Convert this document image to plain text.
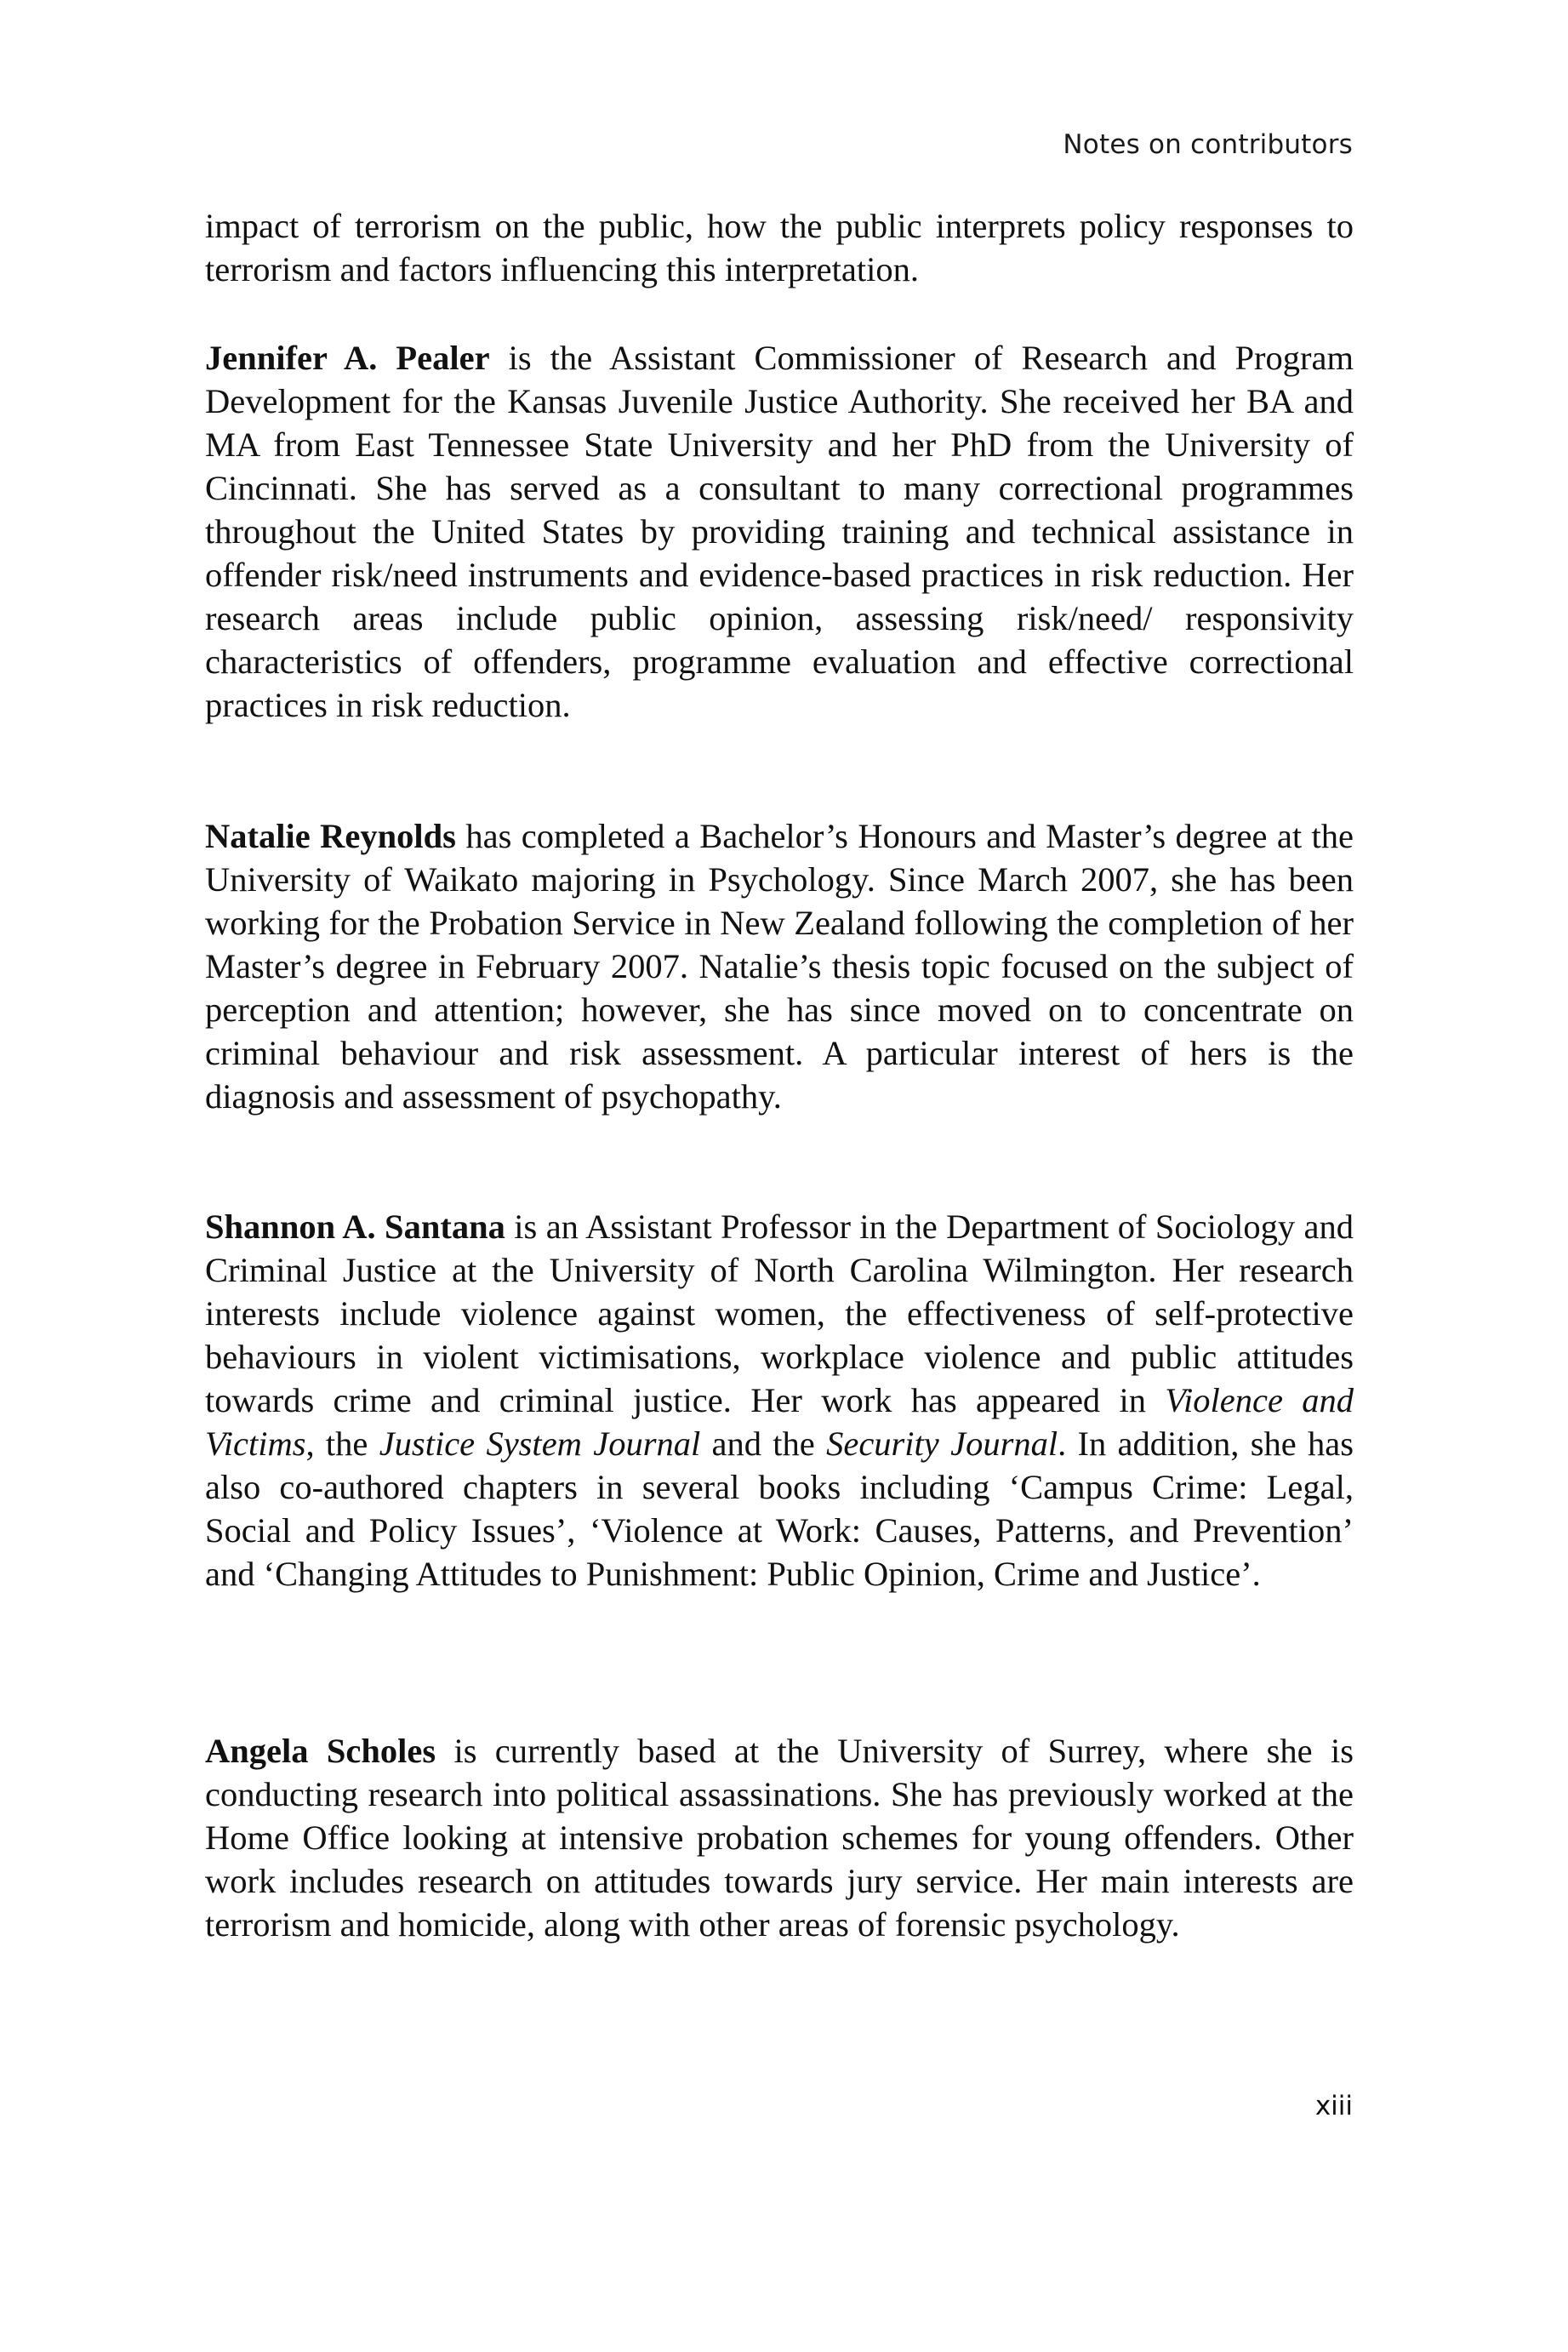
Notes on contributors

impact of terrorism on the public, how the public interprets policy responses to terrorism and factors influencing this interpretation.

Jennifer A. Pealer is the Assistant Commissioner of Research and Program Development for the Kansas Juvenile Justice Authority. She received her BA and MA from East Tennessee State University and her PhD from the University of Cincinnati. She has served as a consultant to many correctional programmes throughout the United States by providing training and technical assistance in offender risk/need instruments and evidence-based practices in risk reduction. Her research areas include public opinion, assessing risk/need/ responsivity characteristics of offenders, programme evaluation and effective correctional practices in risk reduction.

Natalie Reynolds has completed a Bachelor’s Honours and Master’s degree at the University of Waikato majoring in Psychology. Since March 2007, she has been working for the Probation Service in New Zealand following the completion of her Master’s degree in February 2007. Natalie’s thesis topic focused on the subject of perception and attention; however, she has since moved on to concentrate on criminal behaviour and risk assessment. A particular interest of hers is the diagnosis and assessment of psychopathy.

Shannon A. Santana is an Assistant Professor in the Department of Sociology and Criminal Justice at the University of North Carolina Wilmington. Her research interests include violence against women, the effectiveness of self-protective behaviours in violent victimisations, workplace violence and public attitudes towards crime and criminal justice. Her work has appeared in Violence and Victims, the Justice System Journal and the Security Journal. In addition, she has also co-authored chapters in several books including ‘Campus Crime: Legal, Social and Policy Issues’, ‘Violence at Work: Causes, Patterns, and Prevention’ and ‘Changing Attitudes to Punishment: Public Opinion, Crime and Justice’.

Angela Scholes is currently based at the University of Surrey, where she is conducting research into political assassinations. She has previously worked at the Home Office looking at intensive probation schemes for young offenders. Other work includes research on attitudes towards jury service. Her main interests are terrorism and homicide, along with other areas of forensic psychology.

xiii
